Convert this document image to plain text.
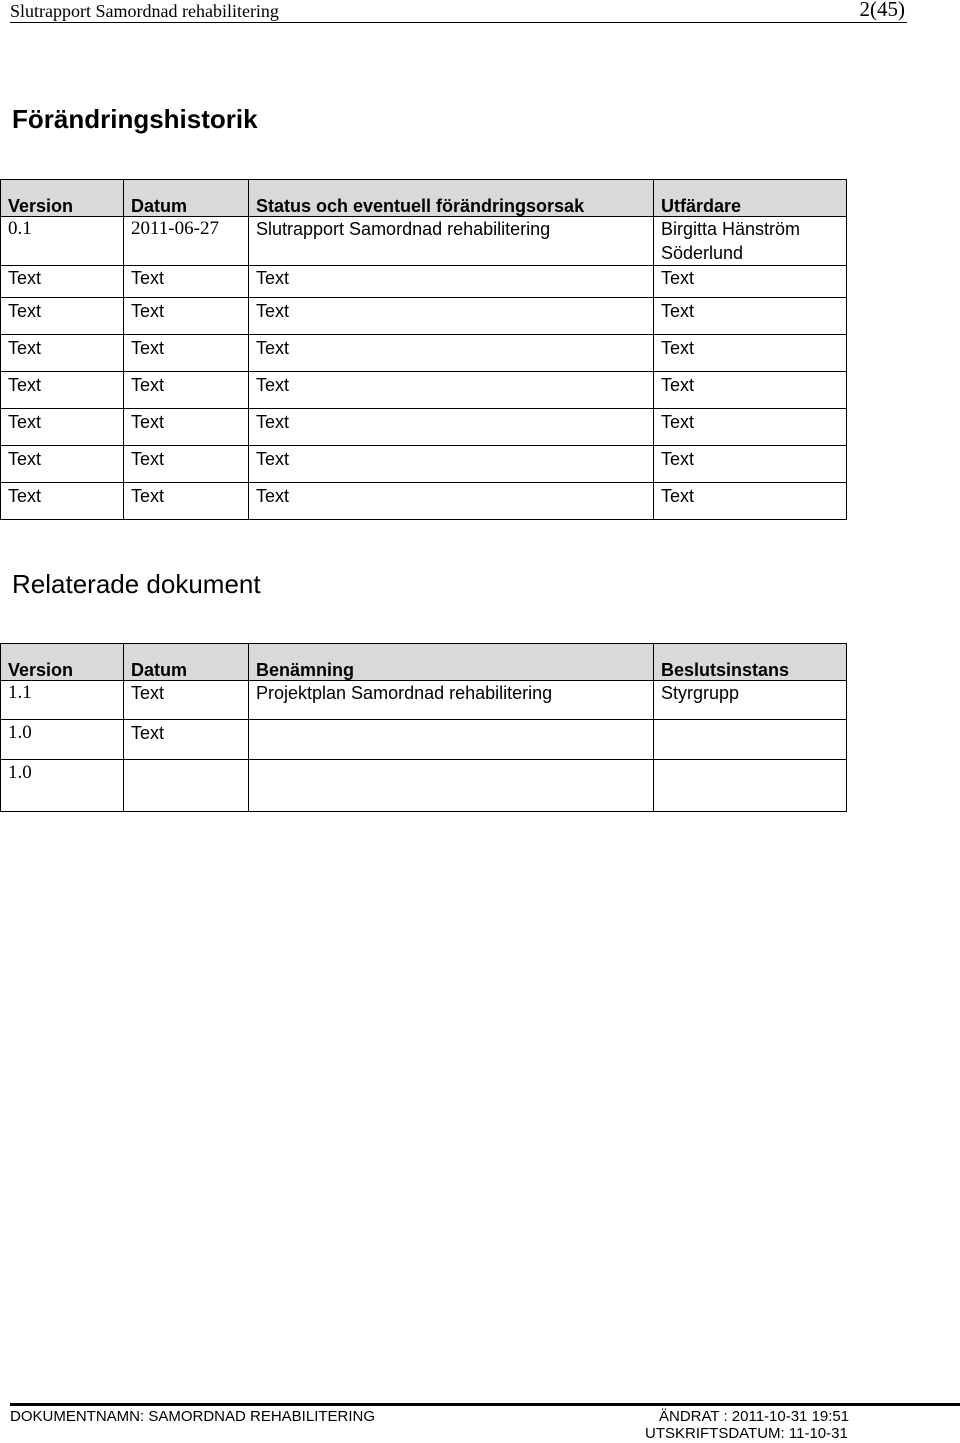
Slutrapport Samordnad rehabilitering	2(45)
Förändringshistorik
Version	Datum	Status och eventuell förändringsorsak	Utfärdare
0.1	2011-06-27	Slutrapport Samordnad rehabilitering	Birgitta Hänström Söderlund
Text	Text	Text	Text
Text	Text	Text	Text
Text	Text	Text	Text
Text	Text	Text	Text
Text	Text	Text	Text
Text	Text	Text	Text
Text	Text	Text	Text
Relaterade dokument
Version	Datum	Benämning	Beslutsinstans
1.1	Text	Projektplan Samordnad rehabilitering	Styrgrupp
1.0	Text		
1.0			
DOKUMENTNAMN: SAMORDNAD REHABILITERING	ÄNDRAT : 2011-10-31 19:51
UTSKRIFTSDATUM: 11-10-31
